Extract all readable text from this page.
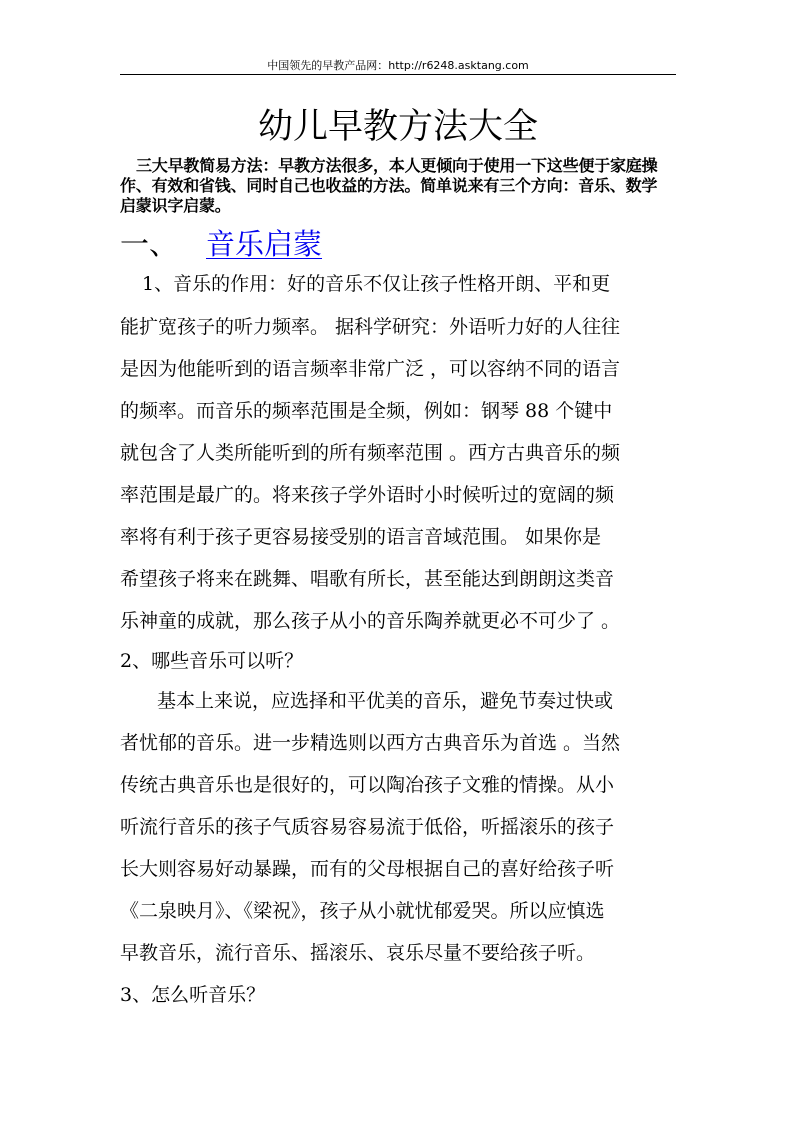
中国领先的早教产品网：http://r6248.asktang.com
幼儿早教方法大全
三大早教简易方法：早教方法很多，本人更倾向于使用一下这些便于家庭操
作、有效和省钱、同时自己也收益的方法。简单说来有三个方向：音乐、数学
启蒙识字启蒙。
一、 音乐启蒙
1、音乐的作用：好的音乐不仅让孩子性格开朗、平和更
能扩宽孩子的听力频率。 据科学研究：外语听力好的人往往
是因为他能听到的语言频率非常广泛 ，可以容纳不同的语言
的频率。而音乐的频率范围是全频，例如：钢琴 88 个键中
就包含了人类所能听到的所有频率范围 。西方古典音乐的频
率范围是最广的。将来孩子学外语时小时候听过的宽阔的频
率将有利于孩子更容易接受别的语言音域范围。 如果你是
希望孩子将来在跳舞、唱歌有所长，甚至能达到朗朗这类音
乐神童的成就，那么孩子从小的音乐陶养就更必不可少了 。
2、哪些音乐可以听？
基本上来说，应选择和平优美的音乐，避免节奏过快或
者忧郁的音乐。进一步精选则以西方古典音乐为首选 。当然
传统古典音乐也是很好的，可以陶冶孩子文雅的情操。从小
听流行音乐的孩子气质容易容易流于低俗，听摇滚乐的孩子
长大则容易好动暴躁，而有的父母根据自己的喜好给孩子听
《二泉映月》、《梁祝》，孩子从小就忧郁爱哭。所以应慎选
早教音乐，流行音乐、摇滚乐、哀乐尽量不要给孩子听。
3、怎么听音乐？
